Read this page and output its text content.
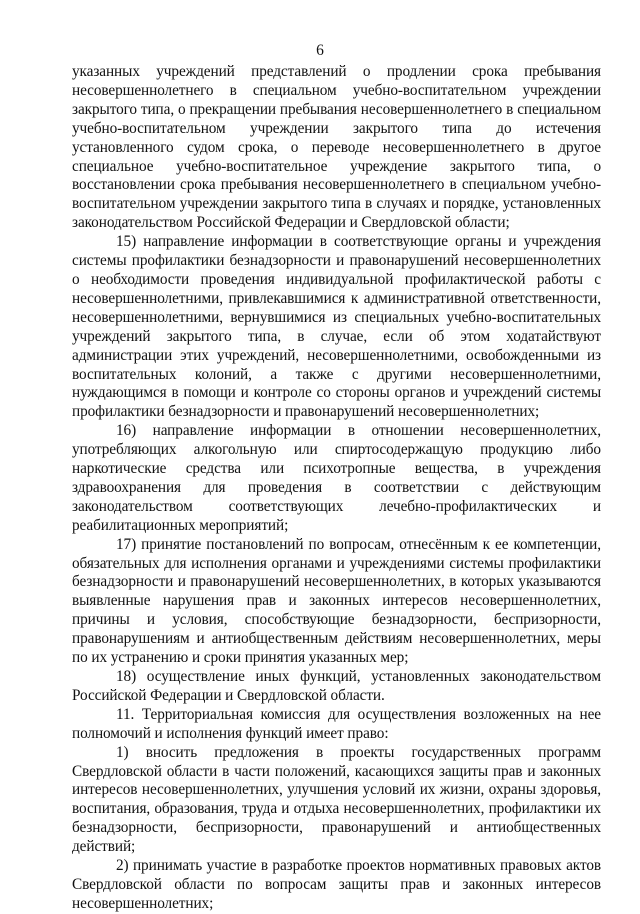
6

указанных учреждений представлений о продлении срока пребывания несовершеннолетнего в специальном учебно-воспитательном учреждении закрытого типа, о прекращении пребывания несовершеннолетнего в специальном учебно-воспитательном учреждении закрытого типа до истечения установленного судом срока, о переводе несовершеннолетнего в другое специальное учебно-воспитательное учреждение закрытого типа, о восстановлении срока пребывания несовершеннолетнего в специальном учебно-воспитательном учреждении закрытого типа в случаях и порядке, установленных законодательством Российской Федерации и Свердловской области;

15) направление информации в соответствующие органы и учреждения системы профилактики безнадзорности и правонарушений несовершеннолетних о необходимости проведения индивидуальной профилактической работы с несовершеннолетними, привлекавшимися к административной ответственности, несовершеннолетними, вернувшимися из специальных учебно-воспитательных учреждений закрытого типа, в случае, если об этом ходатайствуют администрации этих учреждений, несовершеннолетними, освобожденными из воспитательных колоний, а также с другими несовершеннолетними, нуждающимся в помощи и контроле со стороны органов и учреждений системы профилактики безнадзорности и правонарушений несовершеннолетних;

16) направление информации в отношении несовершеннолетних, употребляющих алкогольную или спиртосодержащую продукцию либо наркотические средства или психотропные вещества, в учреждения здравоохранения для проведения в соответствии с действующим законодательством соответствующих лечебно-профилактических и реабилитационных мероприятий;

17) принятие постановлений по вопросам, отнесённым к ее компетенции, обязательных для исполнения органами и учреждениями системы профилактики безнадзорности и правонарушений несовершеннолетних, в которых указываются выявленные нарушения прав и законных интересов несовершеннолетних, причины и условия, способствующие безнадзорности, беспризорности, правонарушениям и антиобщественным действиям несовершеннолетних, меры по их устранению и сроки принятия указанных мер;

18) осуществление иных функций, установленных законодательством Российской Федерации и Свердловской области.

11. Территориальная комиссия для осуществления возложенных на нее полномочий и исполнения функций имеет право:

1) вносить предложения в проекты государственных программ Свердловской области в части положений, касающихся защиты прав и законных интересов несовершеннолетних, улучшения условий их жизни, охраны здоровья, воспитания, образования, труда и отдыха несовершеннолетних, профилактики их безнадзорности, беспризорности, правонарушений и антиобщественных действий;

2) принимать участие в разработке проектов нормативных правовых актов Свердловской области по вопросам защиты прав и законных интересов несовершеннолетних;
